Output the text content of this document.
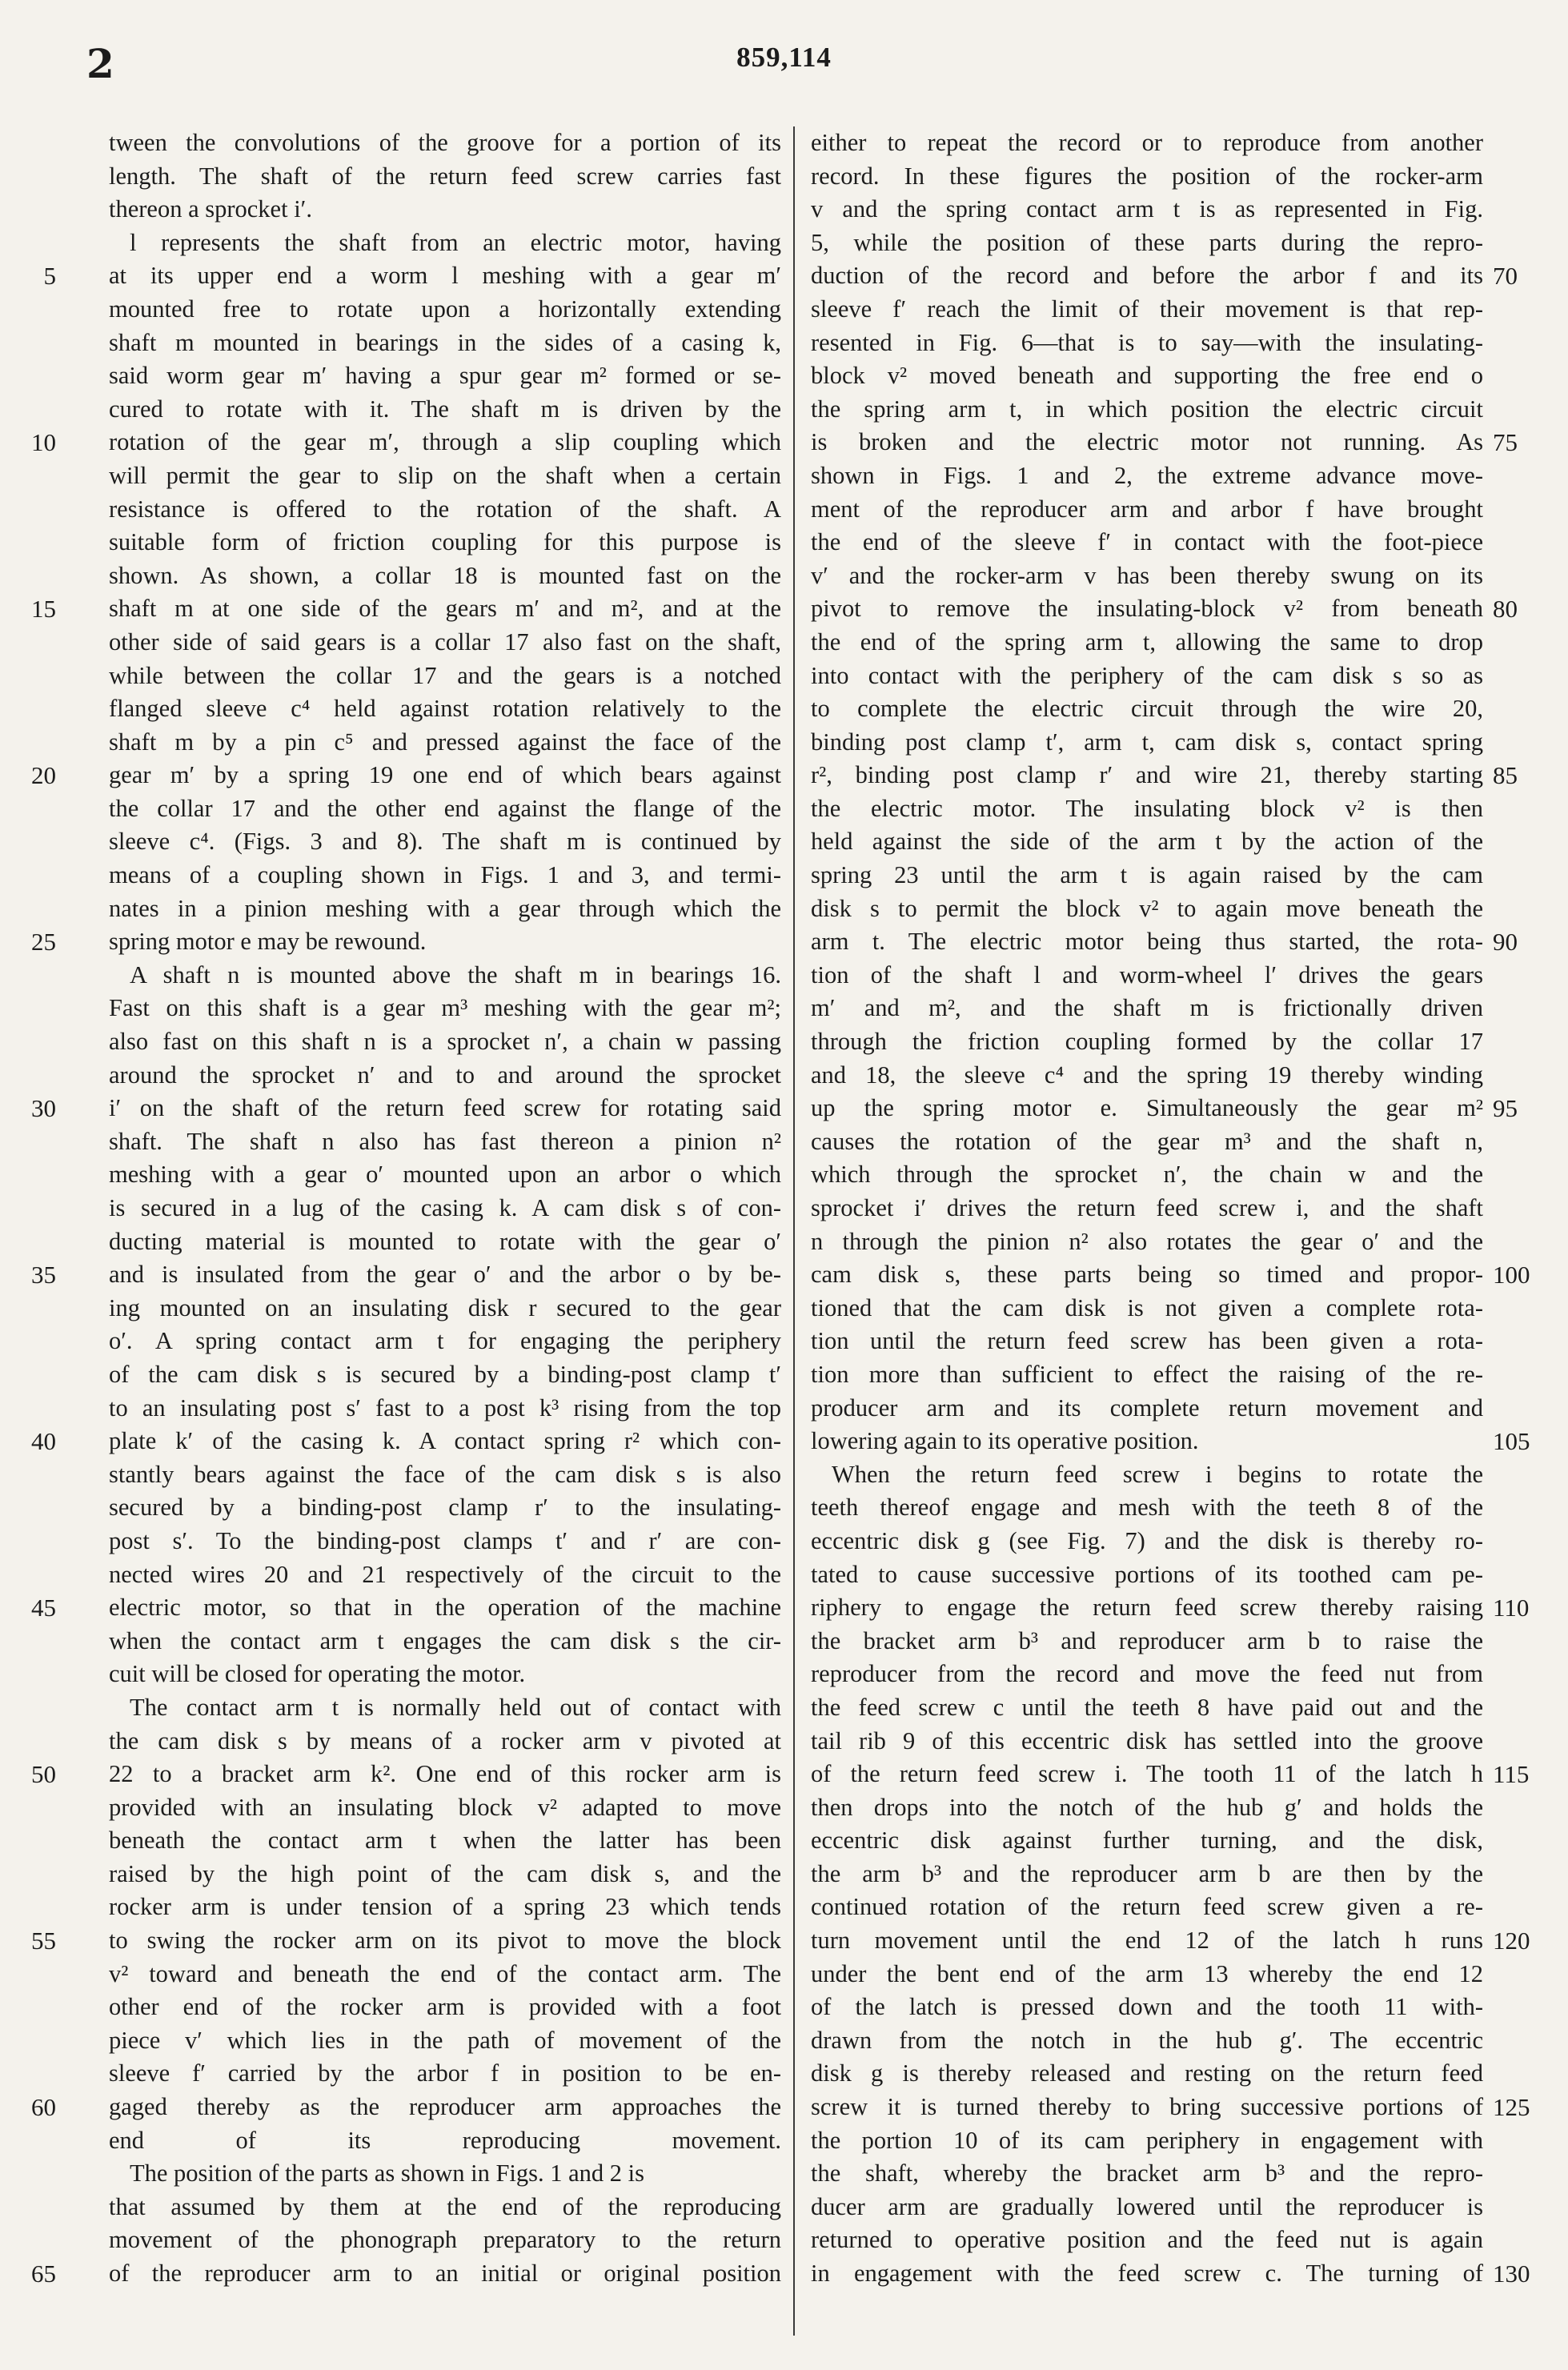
2	859,114
tween the convolutions of the groove for a portion of its
length. The shaft of the return feed screw carries fast
thereon a sprocket i′.
l represents the shaft from an electric motor, having
at its upper end a worm l meshing with a gear m′
mounted free to rotate upon a horizontally extending
shaft m mounted in bearings in the sides of a casing k,
said worm gear m′ having a spur gear m² formed or se-
cured to rotate with it. The shaft m is driven by the
rotation of the gear m′, through a slip coupling which
will permit the gear to slip on the shaft when a certain
resistance is offered to the rotation of the shaft. A
suitable form of friction coupling for this purpose is
shown. As shown, a collar 18 is mounted fast on the
shaft m at one side of the gears m′ and m², and at the
other side of said gears is a collar 17 also fast on the shaft,
while between the collar 17 and the gears is a notched
flanged sleeve c⁴ held against rotation relatively to the
shaft m by a pin c⁵ and pressed against the face of the
gear m′ by a spring 19 one end of which bears against
the collar 17 and the other end against the flange of the
sleeve c⁴. (Figs. 3 and 8). The shaft m is continued by
means of a coupling shown in Figs. 1 and 3, and termi-
nates in a pinion meshing with a gear through which the
spring motor e may be rewound.
A shaft n is mounted above the shaft m in bearings 16.
Fast on this shaft is a gear m³ meshing with the gear m²;
also fast on this shaft n is a sprocket n′, a chain w passing
around the sprocket n′ and to and around the sprocket
i′ on the shaft of the return feed screw for rotating said
shaft. The shaft n also has fast thereon a pinion n²
meshing with a gear o′ mounted upon an arbor o which
is secured in a lug of the casing k. A cam disk s of con-
ducting material is mounted to rotate with the gear o′
and is insulated from the gear o′ and the arbor o by be-
ing mounted on an insulating disk r secured to the gear
o′. A spring contact arm t for engaging the periphery
of the cam disk s is secured by a binding-post clamp t′
to an insulating post s′ fast to a post k³ rising from the top
plate k′ of the casing k. A contact spring r² which con-
stantly bears against the face of the cam disk s is also
secured by a binding-post clamp r′ to the insulating-
post s′. To the binding-post clamps t′ and r′ are con-
nected wires 20 and 21 respectively of the circuit to the
electric motor, so that in the operation of the machine
when the contact arm t engages the cam disk s the cir-
cuit will be closed for operating the motor.
The contact arm t is normally held out of contact with
the cam disk s by means of a rocker arm v pivoted at
22 to a bracket arm k². One end of this rocker arm is
provided with an insulating block v² adapted to move
beneath the contact arm t when the latter has been
raised by the high point of the cam disk s, and the
rocker arm is under tension of a spring 23 which tends
to swing the rocker arm on its pivot to move the block
v² toward and beneath the end of the contact arm. The
other end of the rocker arm is provided with a foot
piece v′ which lies in the path of movement of the
sleeve f′ carried by the arbor f in position to be en-
gaged thereby as the reproducer arm approaches the
end of its reproducing movement.
The position of the parts as shown in Figs. 1 and 2 is
that assumed by them at the end of the reproducing
movement of the phonograph preparatory to the return
of the reproducer arm to an initial or original position
either to repeat the record or to reproduce from another
record. In these figures the position of the rocker-arm
v and the spring contact arm t is as represented in Fig.
5, while the position of these parts during the repro-
duction of the record and before the arbor f and its
sleeve f′ reach the limit of their movement is that rep-
resented in Fig. 6—that is to say—with the insulating-
block v² moved beneath and supporting the free end o
the spring arm t, in which position the electric circuit
is broken and the electric motor not running. As
shown in Figs. 1 and 2, the extreme advance move-
ment of the reproducer arm and arbor f have brought
the end of the sleeve f′ in contact with the foot-piece
v′ and the rocker-arm v has been thereby swung on its
pivot to remove the insulating-block v² from beneath
the end of the spring arm t, allowing the same to drop
into contact with the periphery of the cam disk s so as
to complete the electric circuit through the wire 20,
binding post clamp t′, arm t, cam disk s, contact spring
r², binding post clamp r′ and wire 21, thereby starting
the electric motor. The insulating block v² is then
held against the side of the arm t by the action of the
spring 23 until the arm t is again raised by the cam
disk s to permit the block v² to again move beneath the
arm t. The electric motor being thus started, the rota-
tion of the shaft l and worm-wheel l′ drives the gears
m′ and m², and the shaft m is frictionally driven
through the friction coupling formed by the collar 17
and 18, the sleeve c⁴ and the spring 19 thereby winding
up the spring motor e. Simultaneously the gear m²
causes the rotation of the gear m³ and the shaft n,
which through the sprocket n′, the chain w and the
sprocket i′ drives the return feed screw i, and the shaft
n through the pinion n² also rotates the gear o′ and the
cam disk s, these parts being so timed and propor-
tioned that the cam disk is not given a complete rota-
tion until the return feed screw has been given a rota-
tion more than sufficient to effect the raising of the re-
producer arm and its complete return movement and
lowering again to its operative position.
When the return feed screw i begins to rotate the
teeth thereof engage and mesh with the teeth 8 of the
eccentric disk g (see Fig. 7) and the disk is thereby ro-
tated to cause successive portions of its toothed cam pe-
riphery to engage the return feed screw thereby raising
the bracket arm b³ and reproducer arm b to raise the
reproducer from the record and move the feed nut from
the feed screw c until the teeth 8 have paid out and the
tail rib 9 of this eccentric disk has settled into the groove
of the return feed screw i. The tooth 11 of the latch h
then drops into the notch of the hub g′ and holds the
eccentric disk against further turning, and the disk,
the arm b³ and the reproducer arm b are then by the
continued rotation of the return feed screw given a re-
turn movement until the end 12 of the latch h runs
under the bent end of the arm 13 whereby the end 12
of the latch is pressed down and the tooth 11 with-
drawn from the notch in the hub g′. The eccentric
disk g is thereby released and resting on the return feed
screw it is turned thereby to bring successive portions of
the portion 10 of its cam periphery in engagement with
the shaft, whereby the bracket arm b³ and the repro-
ducer arm are gradually lowered until the reproducer is
returned to operative position and the feed nut is again
in engagement with the feed screw c. The turning of
5
10
15
20
25
30
35
40
45
50
55
60
65
70
75
80
85
90
95
100
105
110
115
120
125
130
